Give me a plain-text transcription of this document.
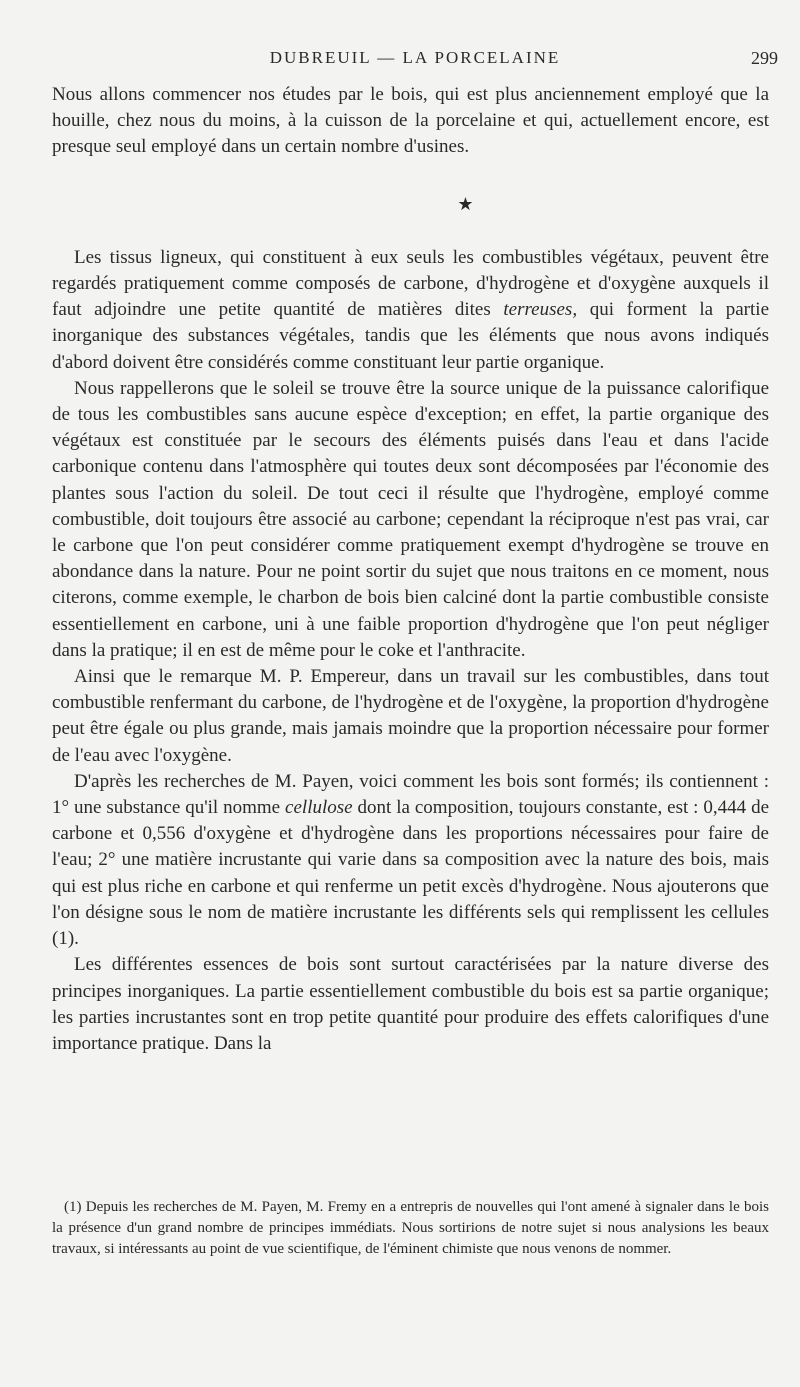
DUBREUIL — LA PORCELAINE	299

Nous allons commencer nos études par le bois, qui est plus anciennement employé que la houille, chez nous du moins, à la cuisson de la porcelaine et qui, actuellement encore, est presque seul employé dans un certain nombre d'usines.

★

Les tissus ligneux, qui constituent à eux seuls les combustibles végétaux, peuvent être regardés pratiquement comme composés de carbone, d'hydrogène et d'oxygène auxquels il faut adjoindre une petite quantité de matières dites terreuses, qui forment la partie inorganique des substances végétales, tandis que les éléments que nous avons indiqués d'abord doivent être considérés comme constituant leur partie organique.

Nous rappellerons que le soleil se trouve être la source unique de la puissance calorifique de tous les combustibles sans aucune espèce d'exception; en effet, la partie organique des végétaux est constituée par le secours des éléments puisés dans l'eau et dans l'acide carbonique contenu dans l'atmosphère qui toutes deux sont décomposées par l'économie des plantes sous l'action du soleil. De tout ceci il résulte que l'hydrogène, employé comme combustible, doit toujours être associé au carbone; cependant la réciproque n'est pas vrai, car le carbone que l'on peut considérer comme pratiquement exempt d'hydrogène se trouve en abondance dans la nature. Pour ne point sortir du sujet que nous traitons en ce moment, nous citerons, comme exemple, le charbon de bois bien calciné dont la partie combustible consiste essentiellement en carbone, uni à une faible proportion d'hydrogène que l'on peut négliger dans la pratique; il en est de même pour le coke et l'anthracite.

Ainsi que le remarque M. P. Empereur, dans un travail sur les combustibles, dans tout combustible renfermant du carbone, de l'hydrogène et de l'oxygène, la proportion d'hydrogène peut être égale ou plus grande, mais jamais moindre que la proportion nécessaire pour former de l'eau avec l'oxygène.

D'après les recherches de M. Payen, voici comment les bois sont formés; ils contiennent : 1° une substance qu'il nomme cellulose dont la composition, toujours constante, est : 0,444 de carbone et 0,556 d'oxygène et d'hydrogène dans les proportions nécessaires pour faire de l'eau; 2° une matière incrustante qui varie dans sa composition avec la nature des bois, mais qui est plus riche en carbone et qui renferme un petit excès d'hydrogène. Nous ajouterons que l'on désigne sous le nom de matière incrustante les différents sels qui remplissent les cellules (1).

Les différentes essences de bois sont surtout caractérisées par la nature diverse des principes inorganiques. La partie essentiellement combustible du bois est sa partie organique; les parties incrustantes sont en trop petite quantité pour produire des effets calorifiques d'une importance pratique. Dans la

(1) Depuis les recherches de M. Payen, M. Fremy en a entrepris de nouvelles qui l'ont amené à signaler dans le bois la présence d'un grand nombre de principes immédiats. Nous sortirions de notre sujet si nous analysions les beaux travaux, si intéressants au point de vue scientifique, de l'éminent chimiste que nous venons de nommer.
